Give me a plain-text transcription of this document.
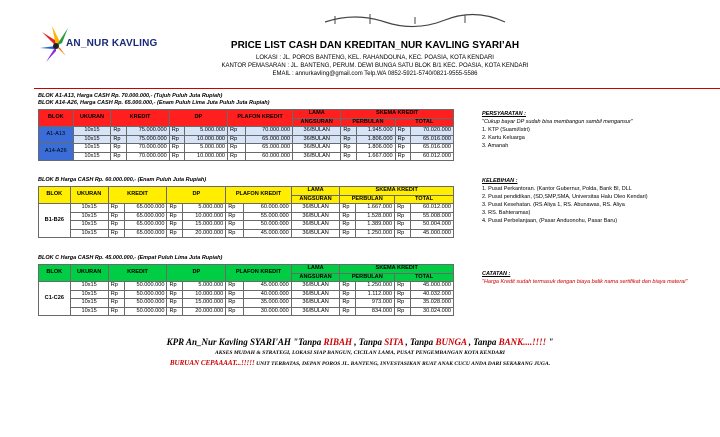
AN_NUR KAVLING	PRICE LIST CASH DAN KREDITAN_NUR KAVLING SYARI’AH
LOKASI : JL. POROS BANTENG, KEL. RAHANDOUNA, KEC. POASIA, KOTA KENDARI
KANTOR PEMASARAN : JL. BANTENG, PERUM. DEWI BUNGA SATU BLOK B/1 KEC. POASIA, KOTA KENDARI
EMAIL : annurkavling@gmail.com Telp.WA 0852-5921-5740/0821-9555-5586
BLOK A1-A13, Harga CASH Rp. 70.000.000,- (Tujuh Puluh Juta Rupiah)
BLOK A14-A26, Harga CASH Rp. 65.000.000,- (Enam Puluh Lima Juta Puluh Juta Rupiah)
BLOK	UKURAN	KREDIT		DP		PLAFON KREDIT		LAMA	SKEMA KREDIT			
								ANGSURAN	PERBULAN		TOTAL	
A1-A13	10x15	Rp	75.000.000	Rp	5.000.000	Rp	70.000.000	36/BULAN	Rp	1.945.000	Rp	70.020.000
	10x15	Rp	75.000.000	Rp	10.000.000	Rp	65.000.000	36/BULAN	Rp	1.806.000	Rp	65.016.000
A14-A26	10x15	Rp	70.000.000	Rp	5.000.000	Rp	65.000.000	36/BULAN	Rp	1.806.000	Rp	65.016.000
	10x15	Rp	70.000.000	Rp	10.000.000	Rp	60.000.000	36/BULAN	Rp	1.667.000	Rp	60.012.000
BLOK B Harga CASH Rp. 60.000.000,- (Enam Puluh Juta Rupiah)
BLOK	UKURAN	KREDIT		DP		PLAFON KREDIT		LAMA	SKEMA KREDIT			
								ANGSURAN	PERBULAN		TOTAL	
B1-B26	10x15	Rp	65.000.000	Rp	5.000.000	Rp	60.000.000	36/BULAN	Rp	1.667.000	Rp	60.012.000
	10x15	Rp	65.000.000	Rp	10.000.000	Rp	55.000.000	36/BULAN	Rp	1.528.000	Rp	55.008.000
	10x15	Rp	65.000.000	Rp	15.000.000	Rp	50.000.000	36/BULAN	Rp	1.389.000	Rp	50.004.000
	10x15	Rp	65.000.000	Rp	20.000.000	Rp	45.000.000	36/BULAN	Rp	1.250.000	Rp	45.000.000
BLOK C Harga CASH Rp. 45.000.000,- (Empat Puluh Lima Juta Rupiah)
BLOK	UKURAN	KREDIT		DP		PLAFON KREDIT		LAMA	SKEMA KREDIT			
								ANGSURAN	PERBULAN		TOTAL	
C1-C26	10x15	Rp	50.000.000	Rp	5.000.000	Rp	45.000.000	36/BULAN	Rp	1.250.000	Rp	45.000.000
	10x15	Rp	50.000.000	Rp	10.000.000	Rp	40.000.000	36/BULAN	Rp	1.112.000	Rp	40.032.000
	10x15	Rp	50.000.000	Rp	15.000.000	Rp	35.000.000	36/BULAN	Rp	973.000	Rp	35.028.000
	10x15	Rp	50.000.000	Rp	20.000.000	Rp	30.000.000	36/BULAN	Rp	834.000	Rp	30.024.000
PERSYARATAN :
"Cukup bayar DP sudah bisa membangun sambil mengansur"
1. KTP (Suami/Istri)
2. Kartu Keluarga
3. Amanah
KELEBIHAN :
1. Pusat Perkantoran. (Kantor Gubernur, Polda, Bank BI, DLL
2. Pusat pendidikan, (SD,SMP,SMA, Universitas Halu Oleo Kendari)
3. Pusat Kesehatan. (RS Aliya 1, RS. Abunawas, RS. Aliya
3. RS. Bahteramas)
4. Pusat Perbelanjaan, (Pasar Anduonohu, Pasar Baru)
CATATAN :
"Harga Kredit sudah termasuk dengan biaya balik nama sertifikat dan biaya materai"
KPR An_Nur Kavling SYARI'AH "Tanpa RIBAH , Tanpa SITA , Tanpa BUNGA , Tanpa BANK....!!!! "
AKSES MUDAH & STRATEGI, LOKASI SIAP BANGUN, CICILAN LAMA, PUSAT PENGEMBANGAN KOTA KENDARI
BURUAN CEPAAAAT...!!!!! UNIT TERBATAS, DEPAN POROS JL. BANTENG, INVESTASIKAN RUAT ANAK CUCU ANDA DARI SEKARANG JUGA.
